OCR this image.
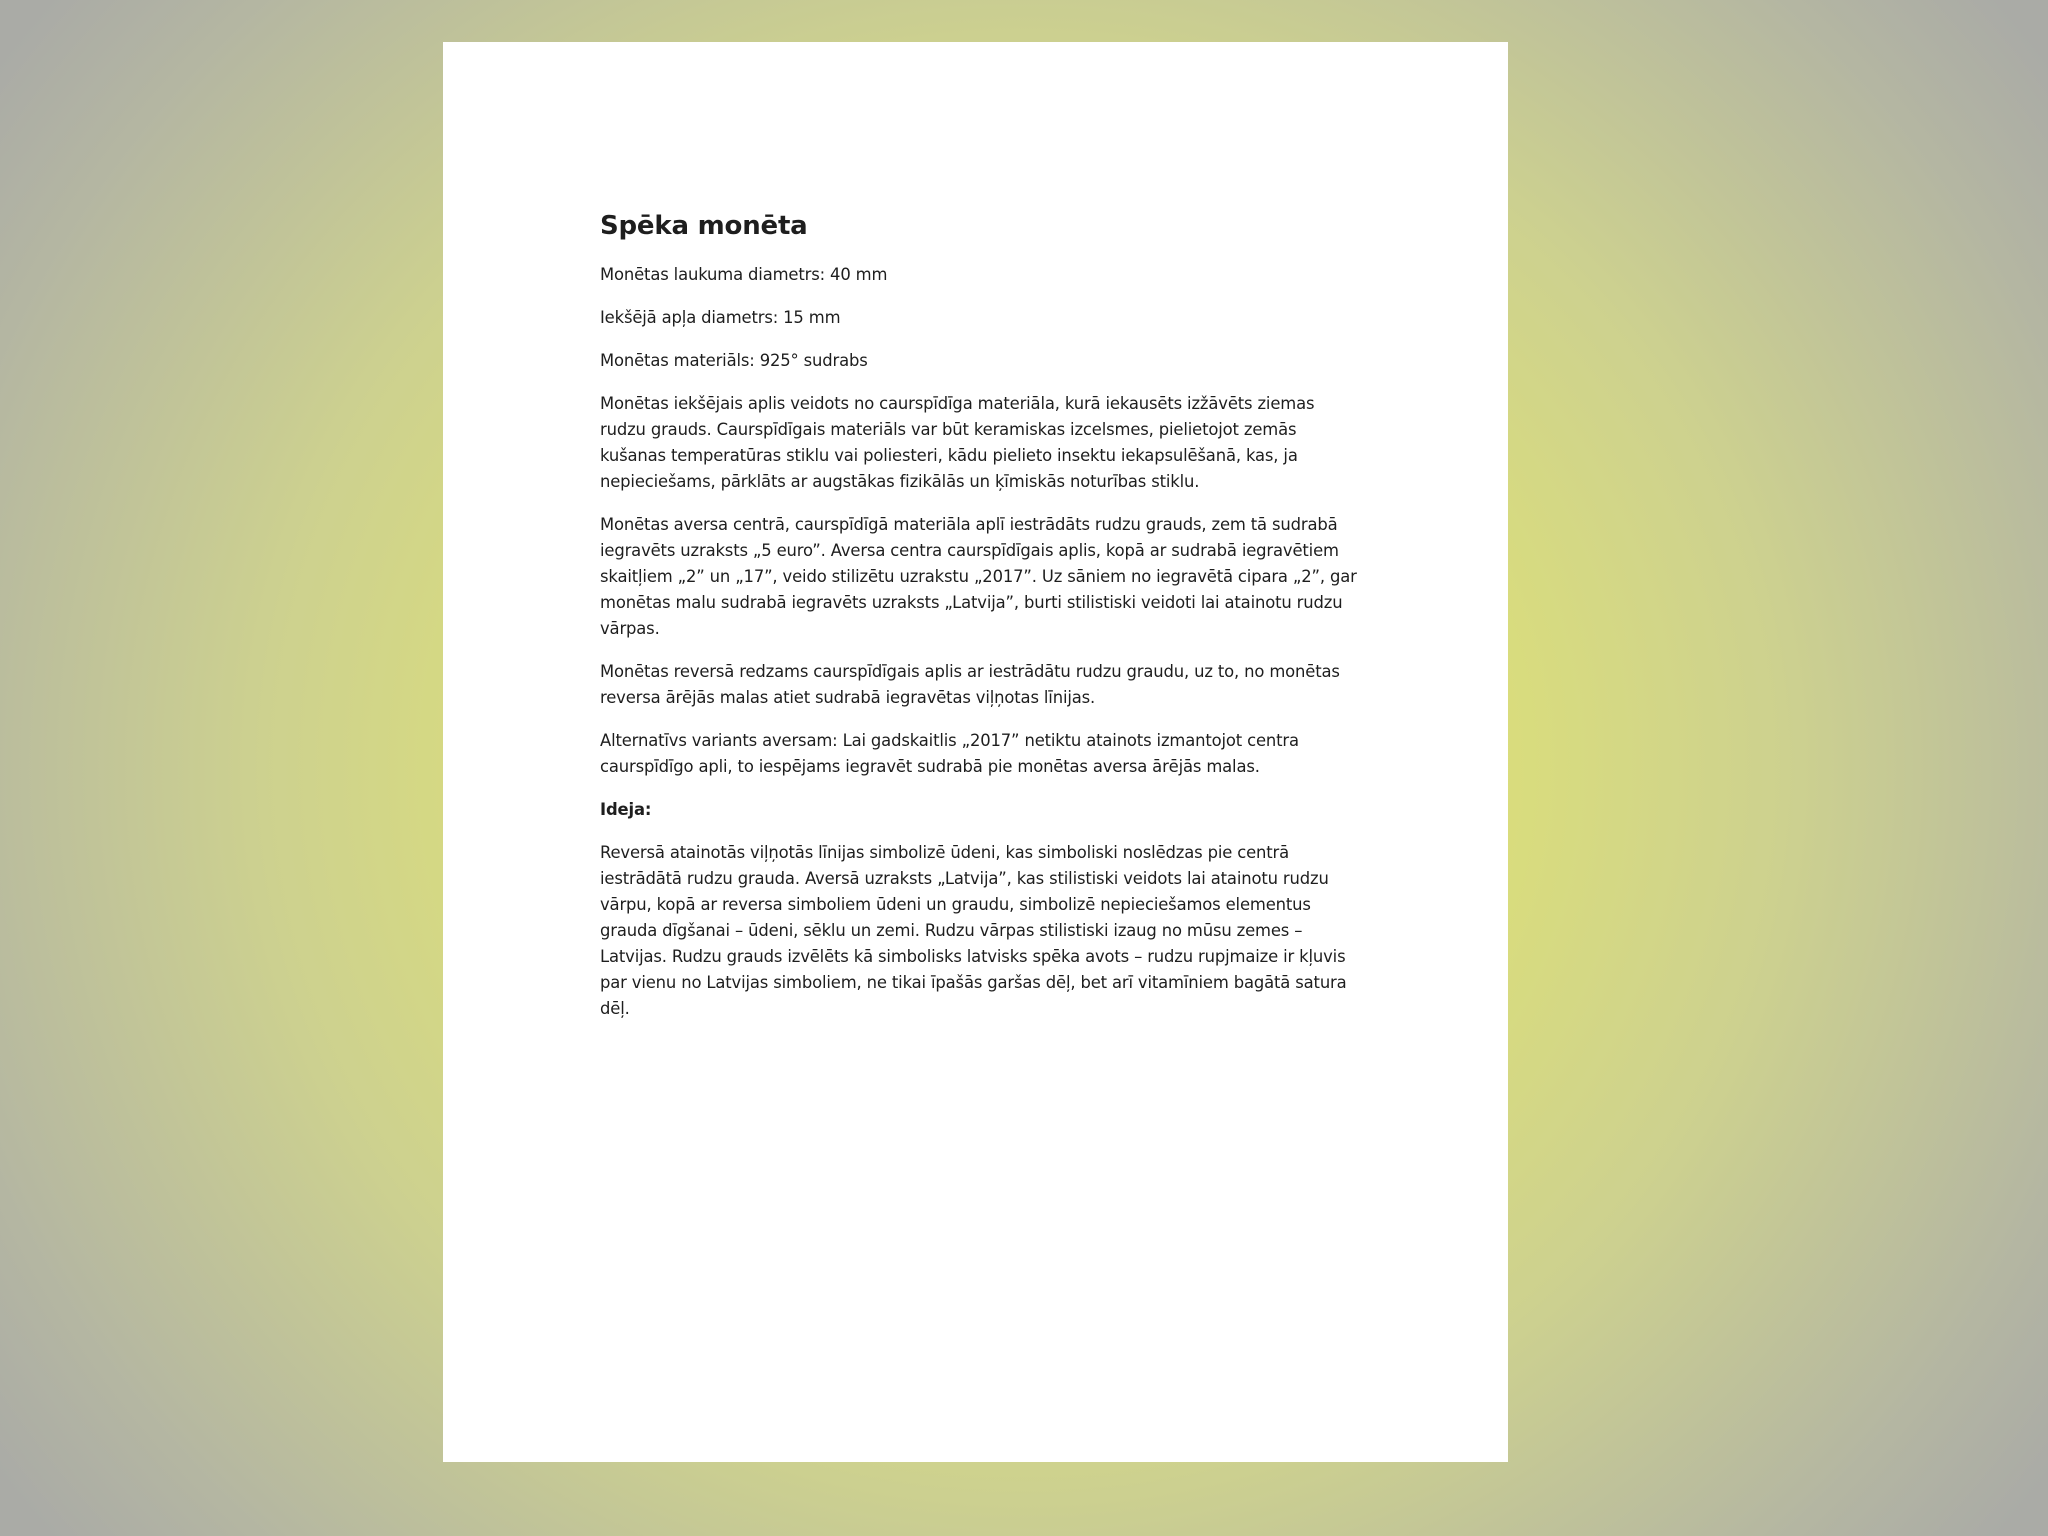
Spēka monēta

Monētas laukuma diametrs: 40 mm

Iekšējā apļa diametrs: 15 mm

Monētas materiāls: 925° sudrabs

Monētas iekšējais aplis veidots no caurspīdīga materiāla, kurā iekausēts izžāvēts ziemas rudzu grauds. Caurspīdīgais materiāls var būt keramiskas izcelsmes, pielietojot zemās kušanas temperatūras stiklu vai poliesteri, kādu pielieto insektu iekapsulēšanā, kas, ja nepieciešams, pārklāts ar augstākas fizikālās un ķīmiskās noturības stiklu.

Monētas aversa centrā, caurspīdīgā materiāla aplī iestrādāts rudzu grauds, zem tā sudrabā iegravēts uzraksts „5 euro”. Aversa centra caurspīdīgais aplis, kopā ar sudrabā iegravētiem skaitļiem „2” un „17”, veido stilizētu uzrakstu „2017”. Uz sāniem no iegravētā cipara „2”, gar monētas malu sudrabā iegravēts uzraksts „Latvija”, burti stilistiski veidoti lai atainotu rudzu vārpas.

Monētas reversā redzams caurspīdīgais aplis ar iestrādātu rudzu graudu, uz to, no monētas reversa ārējās malas atiet sudrabā iegravētas viļņotas līnijas.

Alternatīvs variants aversam: Lai gadskaitlis „2017” netiktu atainots izmantojot centra caurspīdīgo apli, to iespējams iegravēt sudrabā pie monētas aversa ārējās malas.

Ideja:

Reversā atainotās viļņotās līnijas simbolizē ūdeni, kas simboliski noslēdzas pie centrā iestrādātā rudzu grauda. Aversā uzraksts „Latvija”, kas stilistiski veidots lai atainotu rudzu vārpu, kopā ar reversa simboliem ūdeni un graudu, simbolizē nepieciešamos elementus grauda dīgšanai – ūdeni, sēklu un zemi. Rudzu vārpas stilistiski izaug no mūsu zemes – Latvijas. Rudzu grauds izvēlēts kā simbolisks latvisks spēka avots – rudzu rupjmaize ir kļuvis par vienu no Latvijas simboliem, ne tikai īpašās garšas dēļ, bet arī vitamīniem bagātā satura dēļ.
